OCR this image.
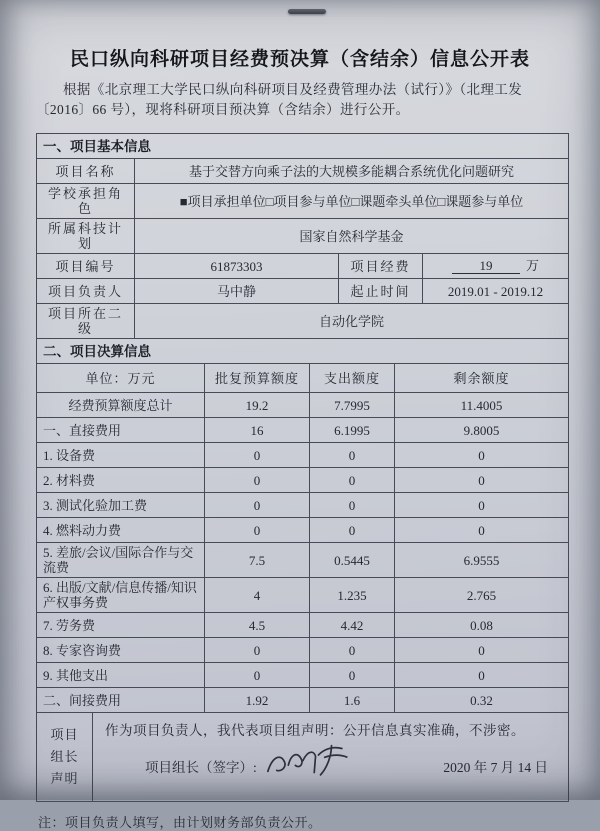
民口纵向科研项目经费预决算（含结余）信息公开表
根据《北京理工大学民口纵向科研项目及经费管理办法（试行）》（北理工发〔2016〕66 号），现将科研项目预决算（含结余）进行公开。
一、项目基本信息			
项目名称	基于交替方向乘子法的大规模多能耦合系统优化问题研究		
学校承担角色	■项目承担单位□项目参与单位□课题牵头单位□课题参与单位		
所属科技计划	国家自然科学基金		
项目编号	61873303	项目经费	19 万
项目负责人	马中静	起止时间	2019.01 - 2019.12
项目所在二级	自动化学院		
二、项目决算信息			
单位：万元	批复预算额度	支出额度	剩余额度
经费预算额度总计	19.2	7.7995	11.4005
一、直接费用	16	6.1995	9.8005
1. 设备费	0	0	0
2. 材料费	0	0	0
3. 测试化验加工费	0	0	0
4. 燃料动力费	0	0	0
5. 差旅/会议/国际合作与交流费	7.5	0.5445	6.9555
6. 出版/文献/信息传播/知识产权事务费	4	1.235	2.765
7. 劳务费	4.5	4.42	0.08
8. 专家咨询费	0	0	0
9. 其他支出	0	0	0
二、间接费用	1.92	1.6	0.32
项目
组长
声明

作为项目负责人，我代表项目组声明：公开信息真实准确，不涉密。
项目组长（签字）:	2020 年 7 月 14 日
注：项目负责人填写，由计划财务部负责公开。
